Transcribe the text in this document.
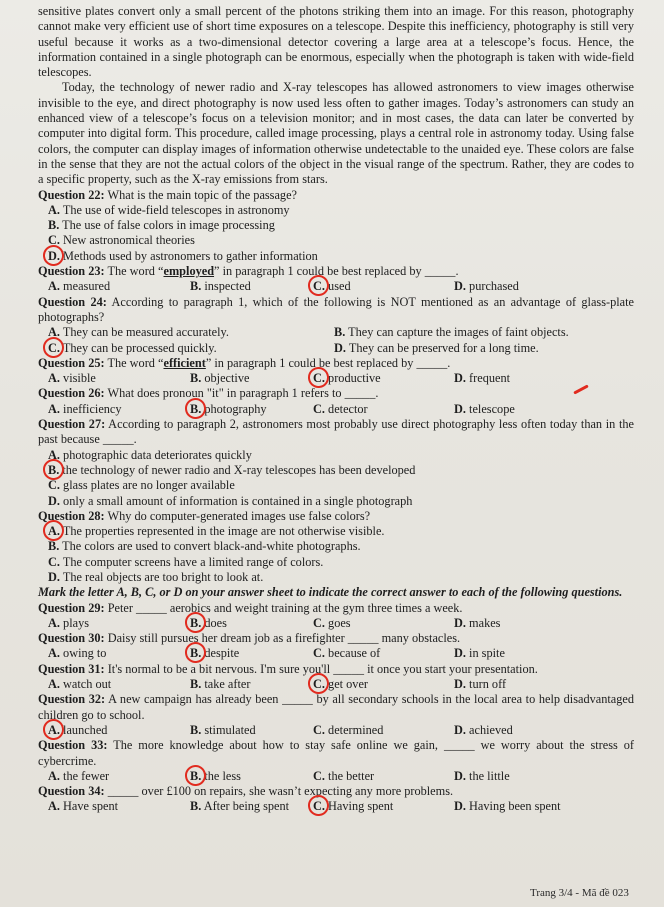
sensitive plates convert only a small percent of the photons striking them into an image. For this reason, photography cannot make very efficient use of short time exposures on a telescope. Despite this inefficiency, photography is still very useful because it works as a two-dimensional detector covering a large area at a telescope’s focus. Hence, the information contained in a single photograph can be enormous, especially when the photograph is taken with wide-field telescopes.

Today, the technology of newer radio and X-ray telescopes has allowed astronomers to view images otherwise invisible to the eye, and direct photography is now used less often to gather images. Today’s astronomers can study an enhanced view of a telescope’s focus on a television monitor; and in most cases, the data can later be converted by computer into digital form. This procedure, called image processing, plays a central role in astronomy today. Using false colors, the computer can display images of information otherwise undetectable to the unaided eye. These colors are false in the sense that they are not the actual colors of the object in the visual range of the spectrum. Rather, they are codes to a specific property, such as the X-ray emissions from stars.

Question 22: What is the main topic of the passage?
A. The use of wide-field telescopes in astronomy
B. The use of false colors in image processing
C. New astronomical theories
D. Methods used by astronomers to gather information
Question 23: The word “employed” in paragraph 1 could be best replaced by _____.
A. measured	B. inspected	C. used	D. purchased

Question 24: According to paragraph 1, which of the following is NOT mentioned as an advantage of glass-plate photographs?

A. They can be measured accurately.	B. They can capture the images of faint objects.
C. They can be processed quickly.	D. They can be preserved for a long time.
Question 25: The word “efficient” in paragraph 1 could be best replaced by _____.
A. visible	B. objective	C. productive	D. frequent
Question 26: What does pronoun "it" in paragraph 1 refers to _____.
A. inefficiency	B. photography	C. detector	D. telescope

Question 27: According to paragraph 2, astronomers most probably use direct photography less often today than in the past because _____.

A. photographic data deteriorates quickly
B. the technology of newer radio and X-ray telescopes has been developed
C. glass plates are no longer available
D. only a small amount of information is contained in a single photograph
Question 28: Why do computer-generated images use false colors?
A. The properties represented in the image are not otherwise visible.
B. The colors are used to convert black-and-white photographs.
C. The computer screens have a limited range of colors.
D. The real objects are too bright to look at.

Mark the letter A, B, C, or D on your answer sheet to indicate the correct answer to each of the following questions.

Question 29: Peter _____ aerobics and weight training at the gym three times a week.
A. plays	B. does	C. goes	D. makes
Question 30: Daisy still pursues her dream job as a firefighter _____ many obstacles.
A. owing to	B. despite	C. because of	D. in spite
Question 31: It's normal to be a bit nervous. I'm sure you'll _____ it once you start your presentation.
A. watch out	B. take after	C. get over	D. turn off

Question 32: A new campaign has already been _____ by all secondary schools in the local area to help disadvantaged children go to school.

A. launched	B. stimulated	C. determined	D. achieved

Question 33: The more knowledge about how to stay safe online we gain, _____ we worry about the stress of cybercrime.

A. the fewer	B. the less	C. the better	D. the little
Question 34: _____ over £100 on repairs, she wasn’t expecting any more problems.
A. Have spent	B. After being spent	C. Having spent	D. Having been spent
Trang 3/4 - Mã đề 023
